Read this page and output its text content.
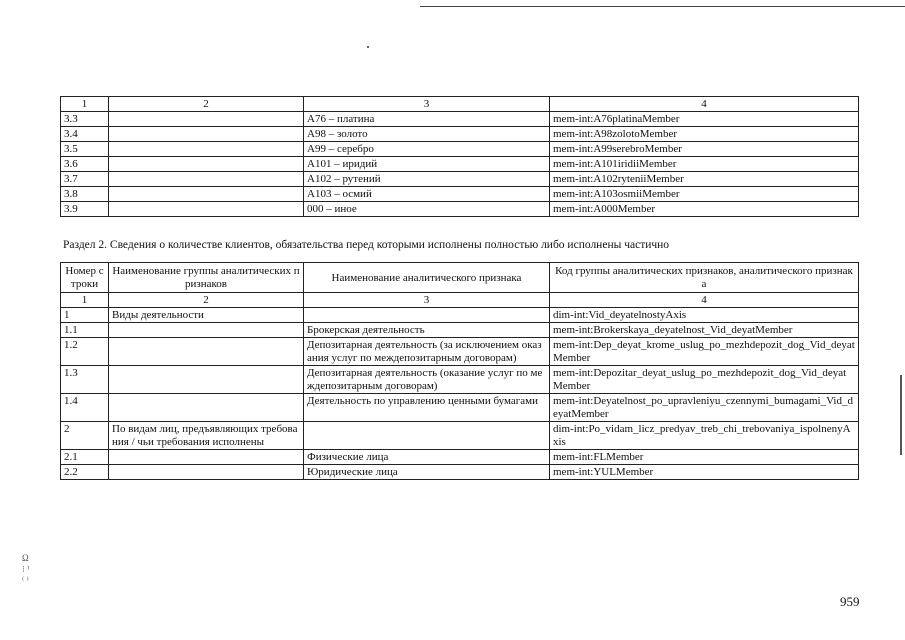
1	2	3	4
3.3		А76 – платина	mem-int:A76platinaMember
3.4		А98 – золото	mem-int:A98zolotoMember
3.5		А99 – серебро	mem-int:A99serebroMember
3.6		А101 – иридий	mem-int:A101iridiiMember
3.7		А102 – рутений	mem-int:A102ryteniiMember
3.8		А103 – осмий	mem-int:A103osmiiMember
3.9		000 – иное	mem-int:A000Member
Раздел 2. Сведения о количестве клиентов, обязательства перед которыми исполнены полностью либо исполнены частично
Номер строки	Наименование группы аналитических признаков	Наименование аналитического признака	Код группы аналитических признаков, аналитического признака
1	2	3	4
1	Виды деятельности		dim-int:Vid_deyatelnostyAxis
1.1		Брокерская деятельность	mem-int:Brokerskaya_deyatelnost_Vid_deyatMember
1.2		Депозитарная деятельность (за исключением оказания услуг по междепозитарным договорам)	mem-int:Dep_deyat_krome_uslug_po_mezhdepozit_dog_Vid_deyatMember
1.3		Депозитарная деятельность (оказание услуг по междепозитарным договорам)	mem-int:Depozitar_deyat_uslug_po_mezhdepozit_dog_Vid_deyatMember
1.4		Деятельность по управлению ценными бумагами	mem-int:Deyatelnost_po_upravleniyu_czennymi_bumagami_Vid_deyatMember
2	По видам лиц, предъявляющих требования / чьи требования исполнены		dim-int:Po_vidam_licz_predyav_treb_chi_trebovaniya_ispolnenyAxis
2.1		Физические лица	mem-int:FLMember
2.2		Юридические лица	mem-int:YULMember
Ω
⁝ ⁾
⁽ ⁾
959
